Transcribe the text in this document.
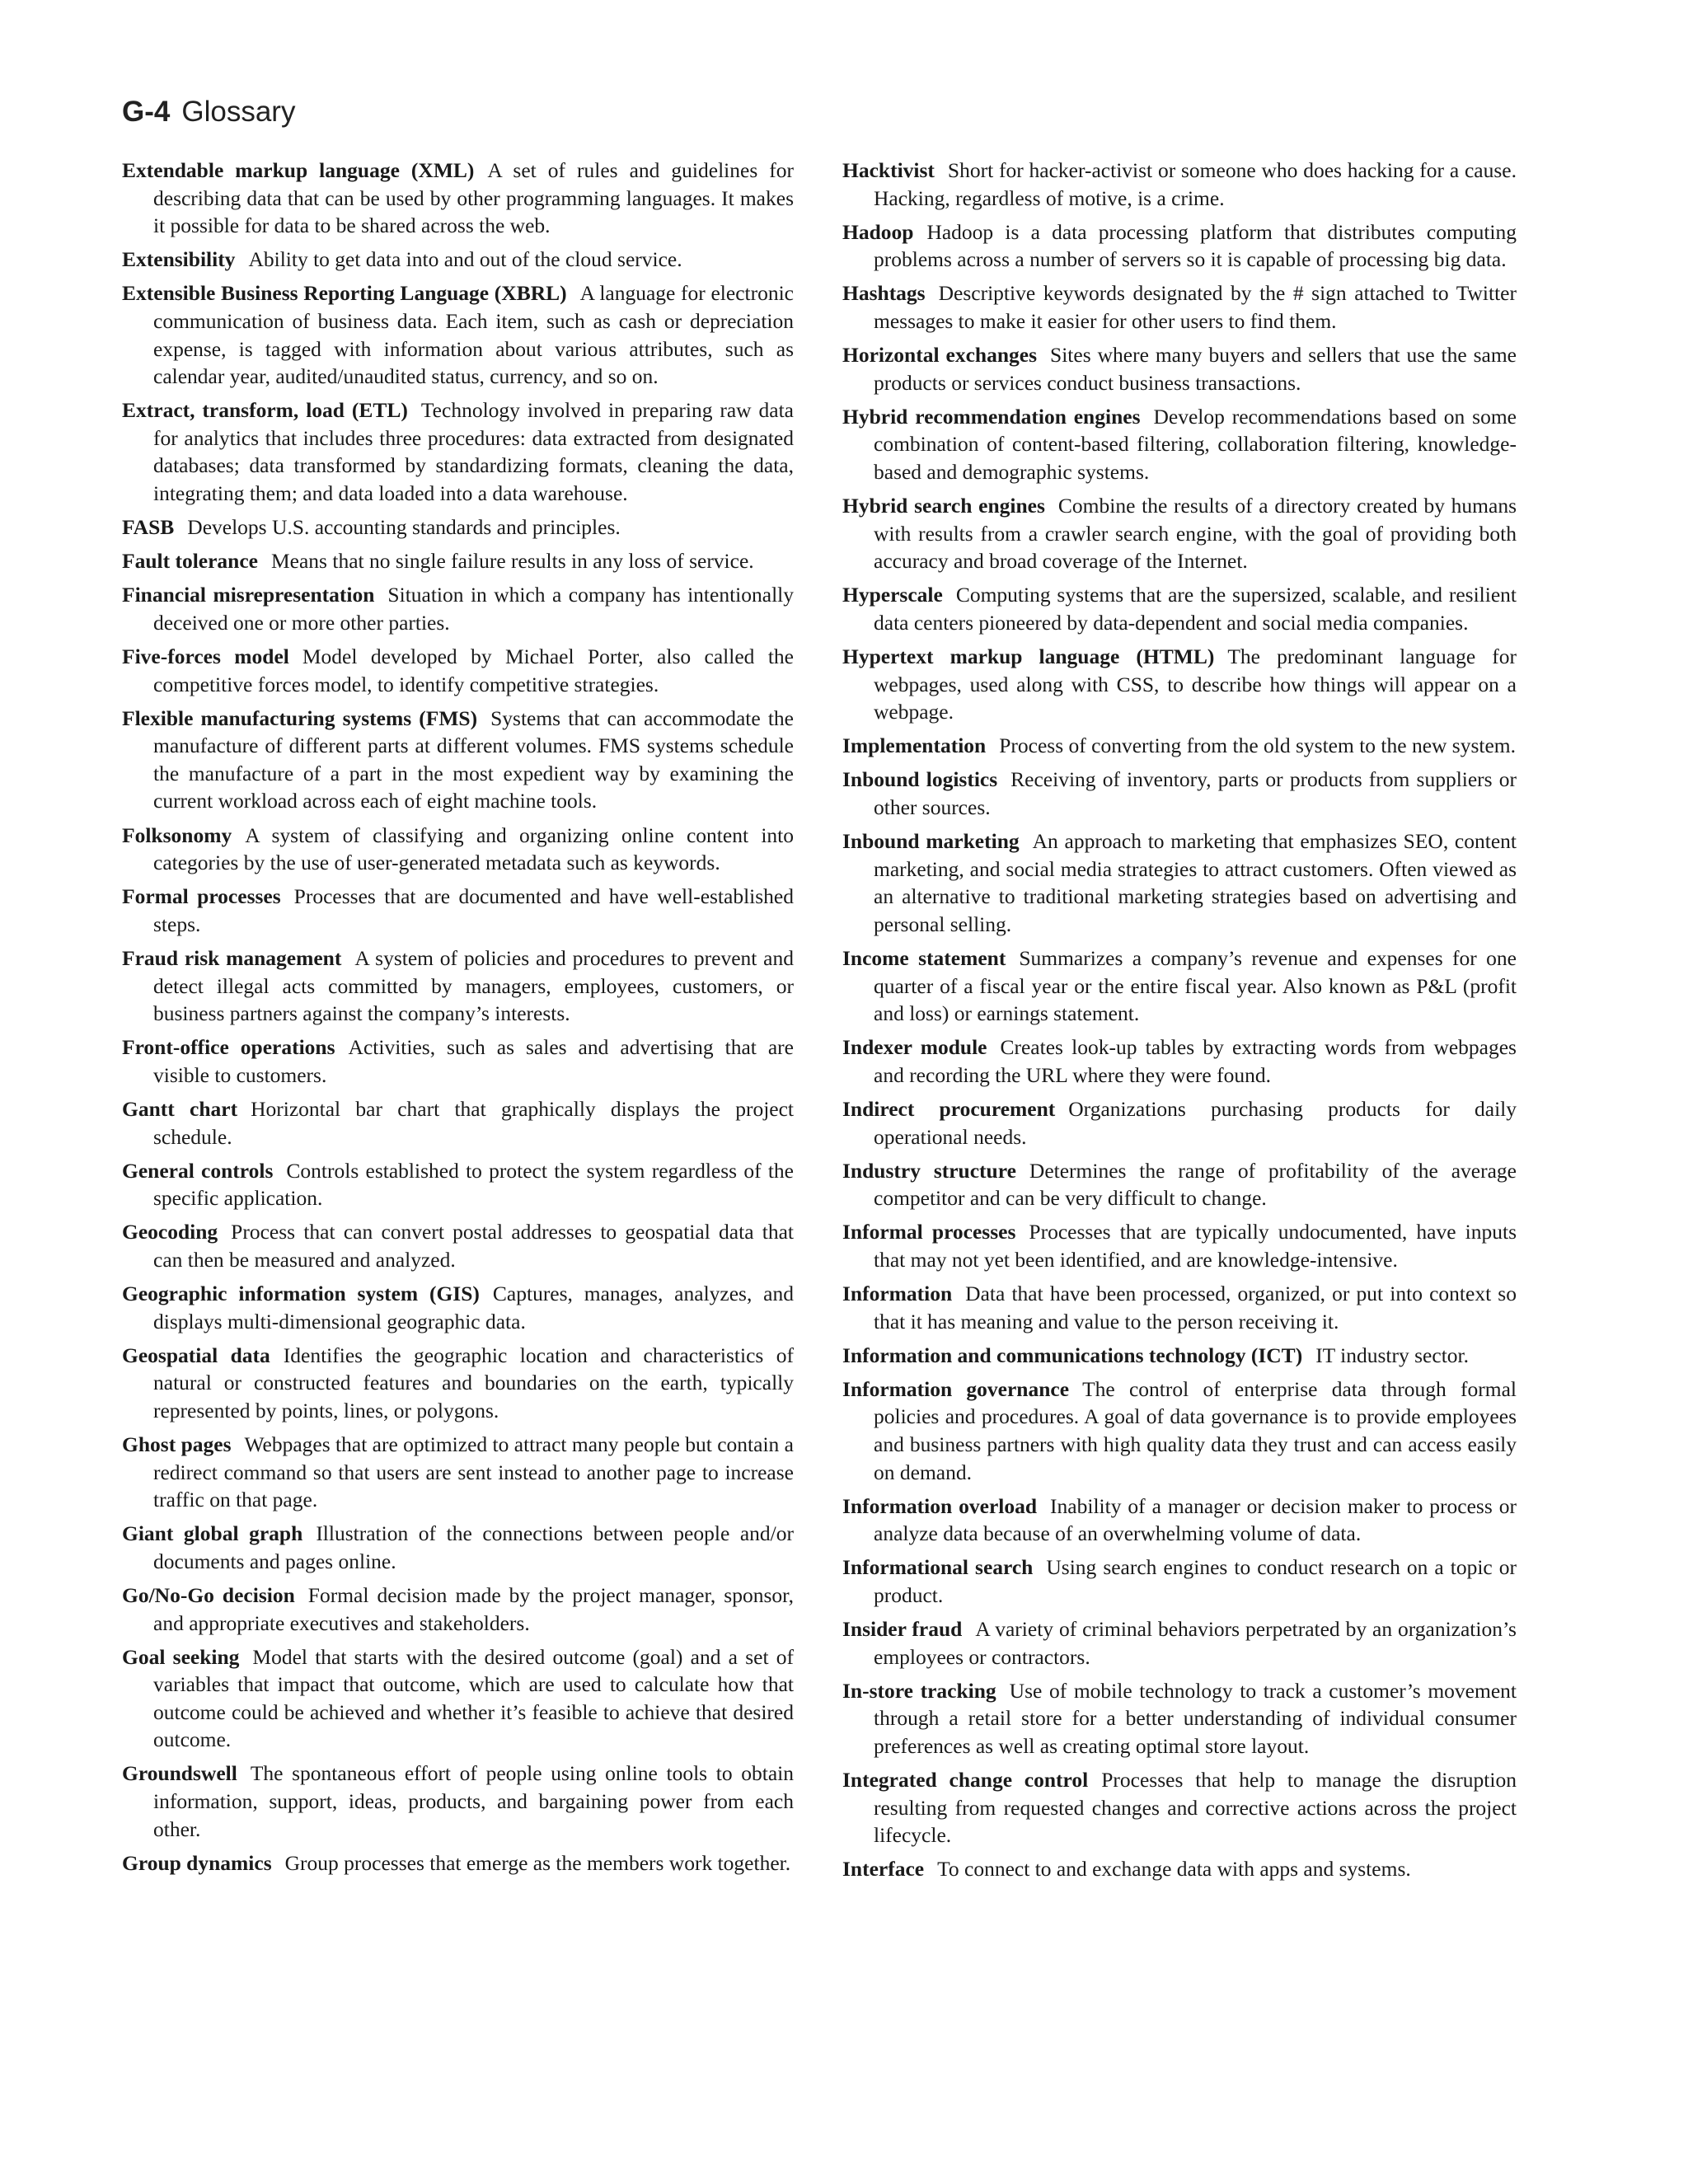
G-4 Glossary

Extendable markup language (XML) A set of rules and guidelines for describing data that can be used by other programming languages. It makes it possible for data to be shared across the web.

Extensibility Ability to get data into and out of the cloud service.

Extensible Business Reporting Language (XBRL) A language for electronic communication of business data. Each item, such as cash or depreciation expense, is tagged with information about various attributes, such as calendar year, audited/unaudited status, currency, and so on.

Extract, transform, load (ETL) Technology involved in preparing raw data for analytics that includes three procedures: data extracted from designated databases; data transformed by standardizing formats, cleaning the data, integrating them; and data loaded into a data warehouse.

FASB Develops U.S. accounting standards and principles.

Fault tolerance Means that no single failure results in any loss of service.

Financial misrepresentation Situation in which a company has intentionally deceived one or more other parties.

Five-forces model Model developed by Michael Porter, also called the competitive forces model, to identify competitive strategies.

Flexible manufacturing systems (FMS) Systems that can accommodate the manufacture of different parts at different volumes. FMS systems schedule the manufacture of a part in the most expedient way by examining the current workload across each of eight machine tools.

Folksonomy A system of classifying and organizing online content into categories by the use of user-generated metadata such as keywords.

Formal processes Processes that are documented and have well-established steps.

Fraud risk management A system of policies and procedures to prevent and detect illegal acts committed by managers, employees, customers, or business partners against the company’s interests.

Front-office operations Activities, such as sales and advertising that are visible to customers.

Gantt chart Horizontal bar chart that graphically displays the project schedule.

General controls Controls established to protect the system regardless of the specific application.

Geocoding Process that can convert postal addresses to geospatial data that can then be measured and analyzed.

Geographic information system (GIS) Captures, manages, analyzes, and displays multi-dimensional geographic data.

Geospatial data Identifies the geographic location and characteristics of natural or constructed features and boundaries on the earth, typically represented by points, lines, or polygons.

Ghost pages Webpages that are optimized to attract many people but contain a redirect command so that users are sent instead to another page to increase traffic on that page.

Giant global graph Illustration of the connections between people and/or documents and pages online.

Go/No-Go decision Formal decision made by the project manager, sponsor, and appropriate executives and stakeholders.

Goal seeking Model that starts with the desired outcome (goal) and a set of variables that impact that outcome, which are used to calculate how that outcome could be achieved and whether it’s feasible to achieve that desired outcome.

Groundswell The spontaneous effort of people using online tools to obtain information, support, ideas, products, and bargaining power from each other.

Group dynamics Group processes that emerge as the members work together.

Hacktivist Short for hacker-activist or someone who does hacking for a cause. Hacking, regardless of motive, is a crime.

Hadoop Hadoop is a data processing platform that distributes computing problems across a number of servers so it is capable of processing big data.

Hashtags Descriptive keywords designated by the # sign attached to Twitter messages to make it easier for other users to find them.

Horizontal exchanges Sites where many buyers and sellers that use the same products or services conduct business transactions.

Hybrid recommendation engines Develop recommendations based on some combination of content-based filtering, collaboration filtering, knowledge-based and demographic systems.

Hybrid search engines Combine the results of a directory created by humans with results from a crawler search engine, with the goal of providing both accuracy and broad coverage of the Internet.

Hyperscale Computing systems that are the supersized, scalable, and resilient data centers pioneered by data-dependent and social media companies.

Hypertext markup language (HTML) The predominant language for webpages, used along with CSS, to describe how things will appear on a webpage.

Implementation Process of converting from the old system to the new system.

Inbound logistics Receiving of inventory, parts or products from suppliers or other sources.

Inbound marketing An approach to marketing that emphasizes SEO, content marketing, and social media strategies to attract customers. Often viewed as an alternative to traditional marketing strategies based on advertising and personal selling.

Income statement Summarizes a company’s revenue and expenses for one quarter of a fiscal year or the entire fiscal year. Also known as P&L (profit and loss) or earnings statement.

Indexer module Creates look-up tables by extracting words from webpages and recording the URL where they were found.

Indirect procurement Organizations purchasing products for daily operational needs.

Industry structure Determines the range of profitability of the average competitor and can be very difficult to change.

Informal processes Processes that are typically undocumented, have inputs that may not yet been identified, and are knowledge-intensive.

Information Data that have been processed, organized, or put into context so that it has meaning and value to the person receiving it.

Information and communications technology (ICT) IT industry sector.

Information governance The control of enterprise data through formal policies and procedures. A goal of data governance is to provide employees and business partners with high quality data they trust and can access easily on demand.

Information overload Inability of a manager or decision maker to process or analyze data because of an overwhelming volume of data.

Informational search Using search engines to conduct research on a topic or product.

Insider fraud A variety of criminal behaviors perpetrated by an organization’s employees or contractors.

In-store tracking Use of mobile technology to track a customer’s movement through a retail store for a better understanding of individual consumer preferences as well as creating optimal store layout.

Integrated change control Processes that help to manage the disruption resulting from requested changes and corrective actions across the project lifecycle.

Interface To connect to and exchange data with apps and systems.
